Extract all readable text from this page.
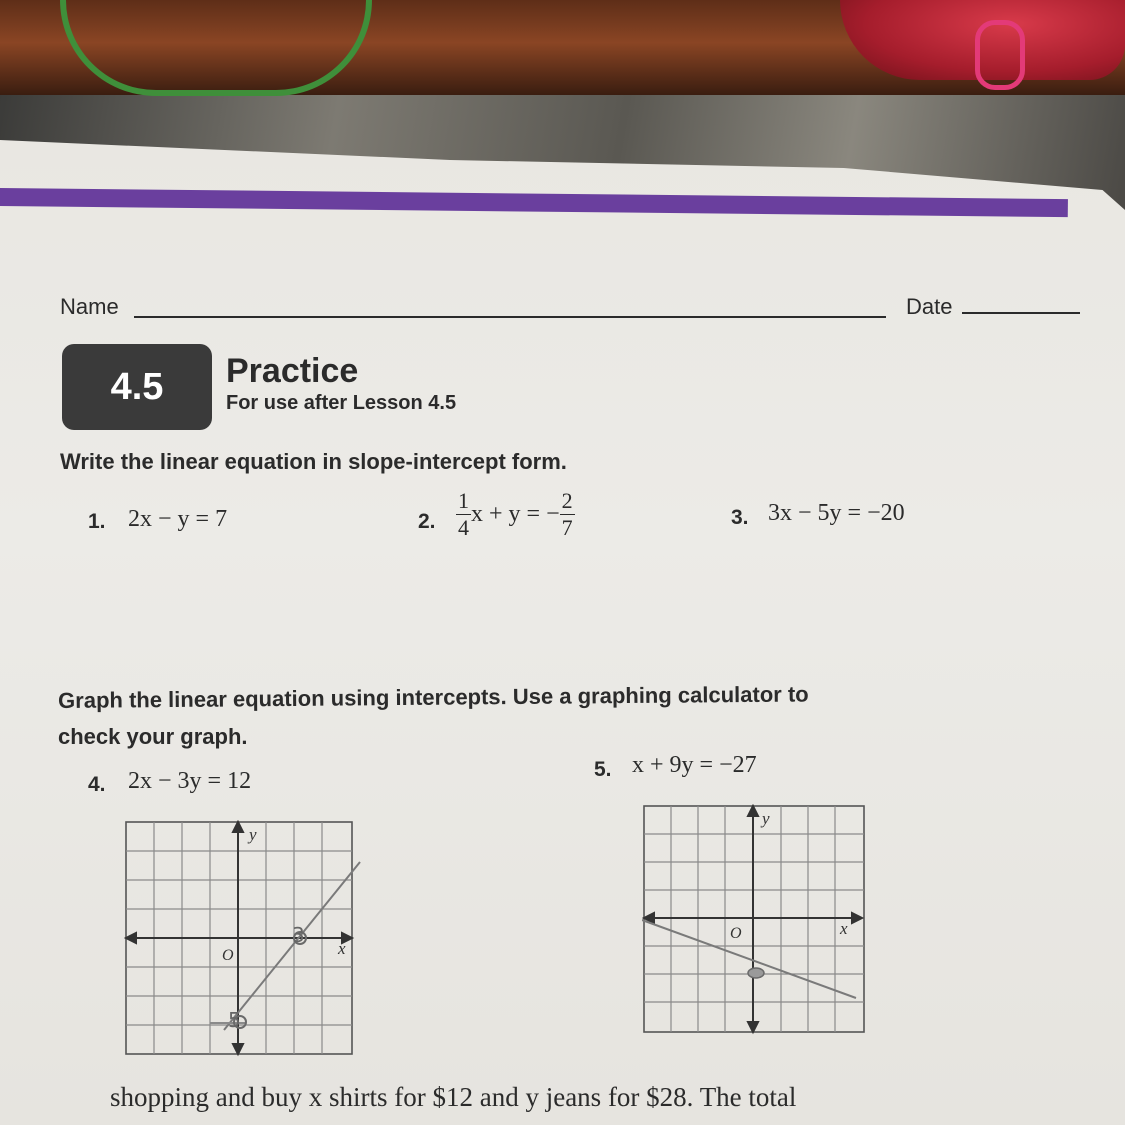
Name	Date
4.5	Practice
For use after Lesson 4.5
Write the linear equation in slope-intercept form.
1. 2x − y = 7	2. $\frac{1}{4}$ x + y = − $\frac{2}{7}$	3. 3x − 5y = −20
Graph the linear equation using intercepts. Use a graphing calculator to
check your graph.
4. 2x − 3y = 12	5. x + 9y = −27
y
x
O
3
5
y
x
O
shopping and buy x shirts for $12 and y jeans for $28. The total
